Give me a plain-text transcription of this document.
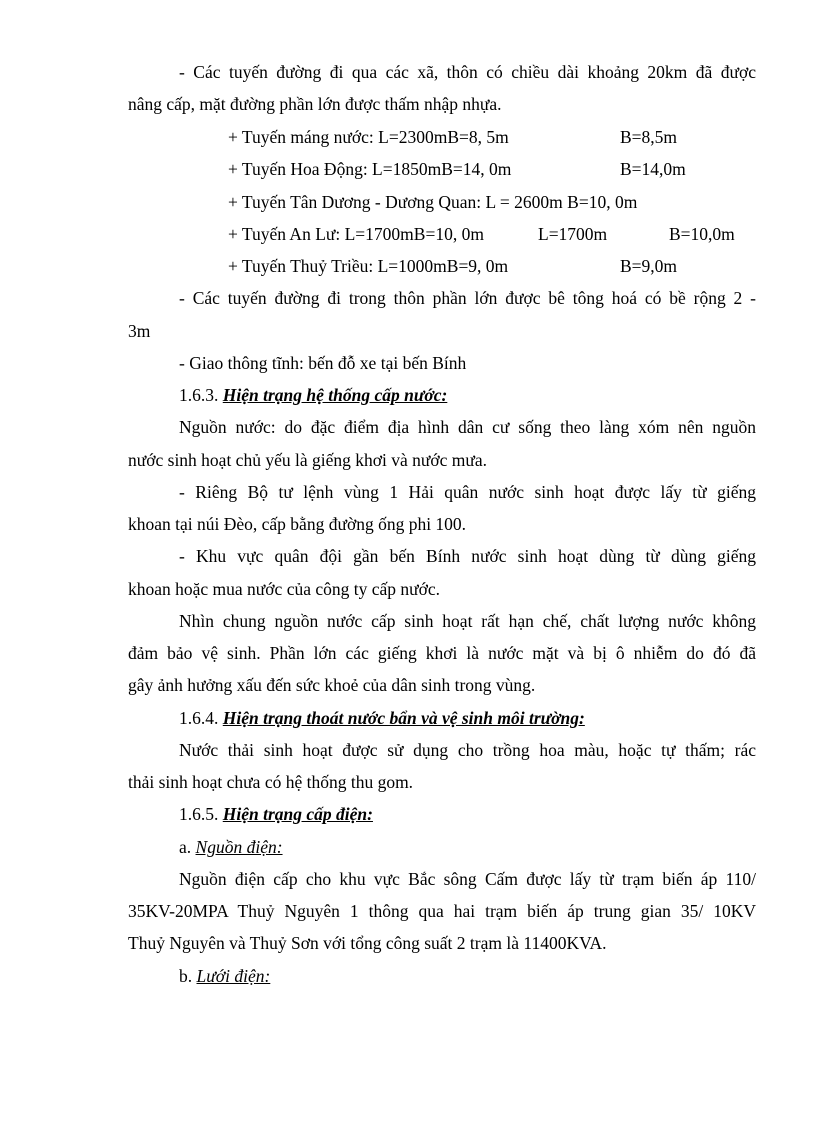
- Các tuyến đường đi qua các xã, thôn có chiều dài khoảng 20km đã được
nâng cấp, mặt đường phần lớn được thấm nhập nhựa.
+ Tuyến máng nước: L=2300mB=8, 5m	B=8,5m
+ Tuyến Hoa Động: L=1850mB=14, 0m	B=14,0m
+ Tuyến Tân Dương - Dương Quan: L = 2600m B=10, 0m
+ Tuyến An Lư: L=1700mB=10, 0m	L=1700m	B=10,0m
+ Tuyến Thuỷ Triều: L=1000mB=9, 0m	B=9,0m
- Các tuyến đường đi trong thôn phần lớn được bê tông hoá có bề rộng 2 -
3m
- Giao thông tĩnh: bến đỗ xe tại bến Bính
1.6.3. Hiện trạng hệ thống cấp nước:
Nguồn nước: do đặc điểm địa hình dân cư sống theo làng xóm nên nguồn
nước sinh hoạt chủ yếu là giếng khơi và nước mưa.
- Riêng Bộ tư lệnh vùng 1 Hải quân nước sinh hoạt được lấy từ giếng
khoan tại núi Đèo, cấp bằng đường ống phi 100.
- Khu vực quân đội gần bến Bính nước sinh hoạt dùng từ dùng giếng
khoan hoặc mua nước của công ty cấp nước.
Nhìn chung nguồn nước cấp sinh hoạt rất hạn chế, chất lượng nước không
đảm bảo vệ sinh. Phần lớn các giếng khơi là nước mặt và bị ô nhiễm do đó đã
gây ảnh hưởng xấu đến sức khoẻ của dân sinh trong vùng.
1.6.4. Hiện trạng thoát nước bẩn và vệ sinh môi trường:
Nước thải sinh hoạt được sử dụng cho trồng hoa màu, hoặc tự thấm; rác
thải sinh hoạt chưa có hệ thống thu gom.
1.6.5. Hiện trạng cấp điện:
a. Nguồn điện:
Nguồn điện cấp cho khu vực Bắc sông Cấm được lấy từ trạm biến áp 110/
35KV-20MPA Thuỷ Nguyên 1 thông qua hai trạm biến áp trung gian 35/ 10KV
Thuỷ Nguyên và Thuỷ Sơn với tổng công suất 2 trạm là 11400KVA.
b. Lưới điện:
